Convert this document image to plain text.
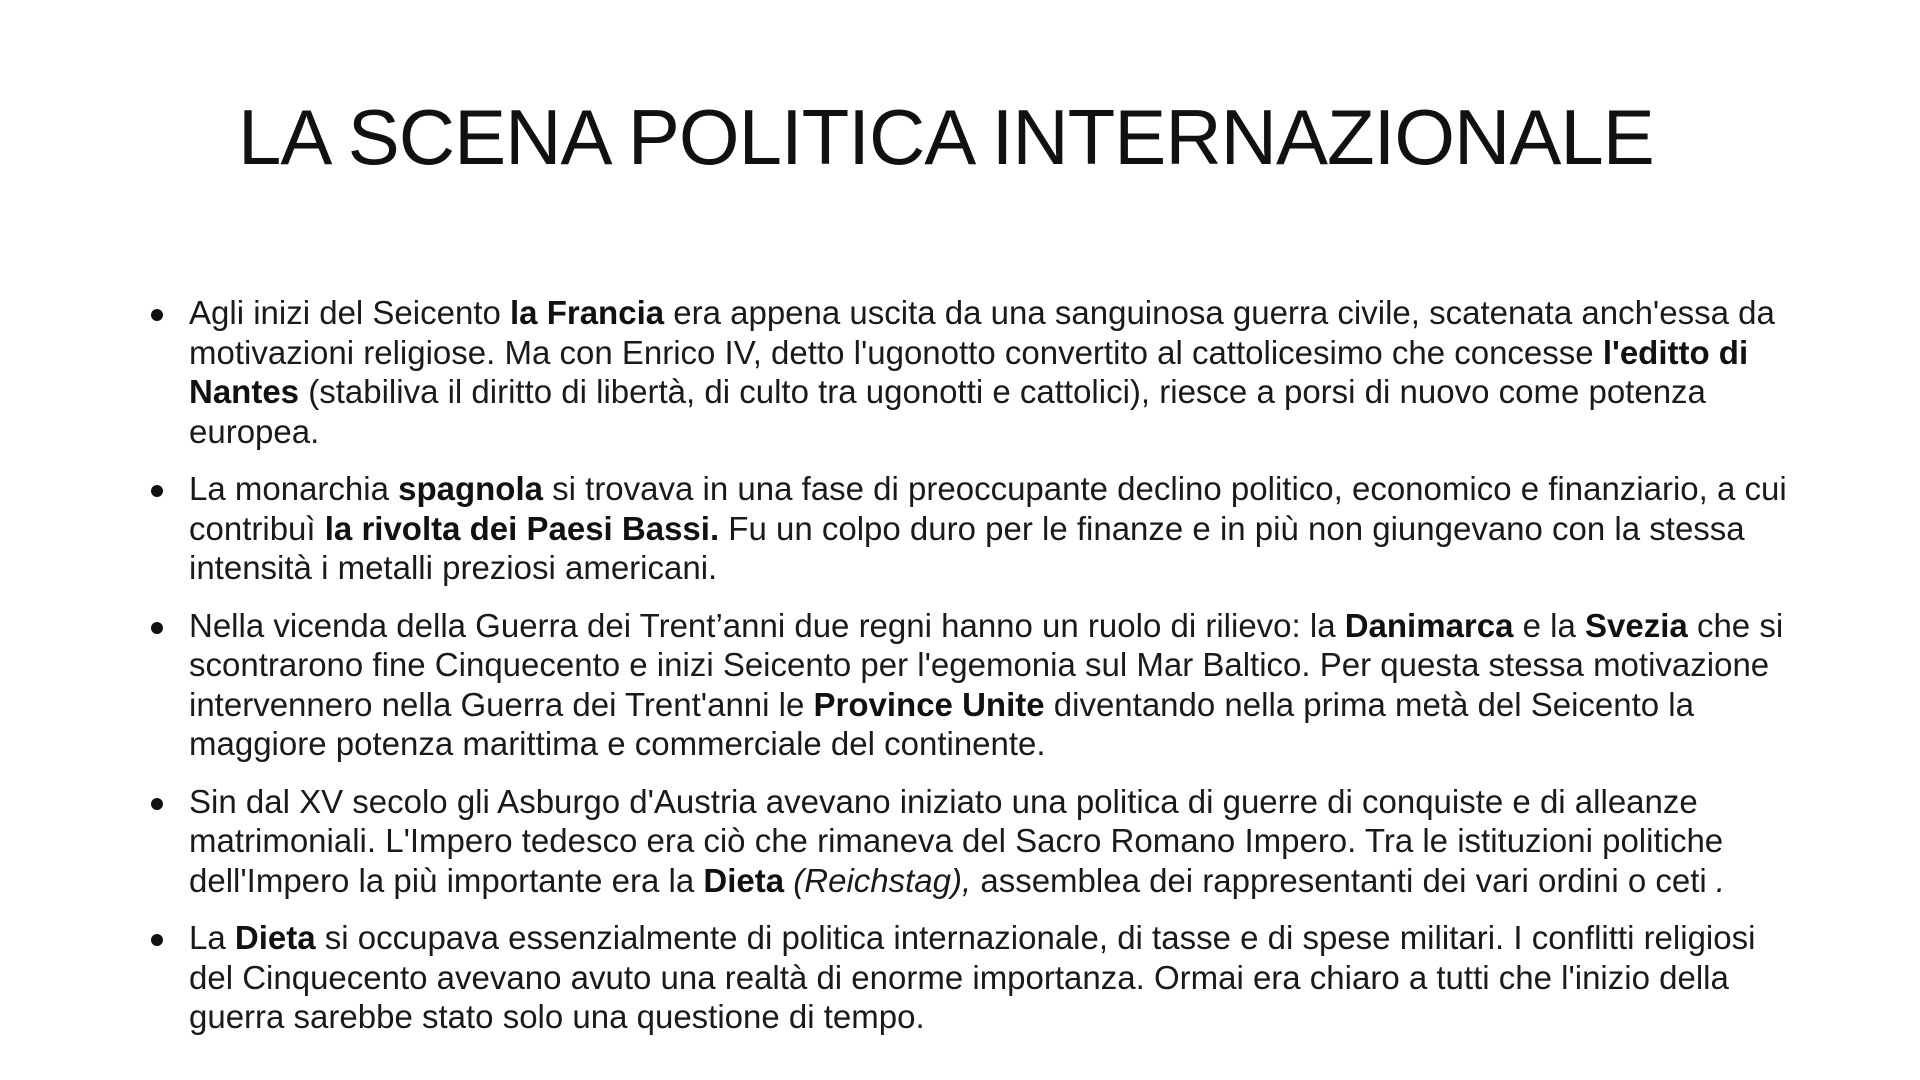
LA SCENA POLITICA INTERNAZIONALE
Agli inizi del Seicento la Francia era appena uscita da una sanguinosa guerra civile, scatenata anch'essa da motivazioni religiose. Ma con Enrico IV, detto l'ugonotto convertito al cattolicesimo che concesse l'editto di Nantes (stabiliva il diritto di libertà, di culto tra ugonotti e cattolici), riesce a porsi di nuovo come potenza europea.
La monarchia spagnola si trovava in una fase di preoccupante declino politico, economico e finanziario, a cui contribuì la rivolta dei Paesi Bassi. Fu un colpo duro per le finanze e in più non giungevano con la stessa intensità i metalli preziosi americani.
Nella vicenda della Guerra dei Trent’anni due regni hanno un ruolo di rilievo: la Danimarca e la Svezia che si scontrarono fine Cinquecento e inizi Seicento per l'egemonia sul Mar Baltico. Per questa stessa motivazione intervennero nella Guerra dei Trent'anni le Province Unite diventando nella prima metà del Seicento la maggiore potenza marittima e commerciale del continente.
Sin dal XV secolo gli Asburgo d'Austria avevano iniziato una politica di guerre di conquiste e di alleanze matrimoniali. L'Impero tedesco era ciò che rimaneva del Sacro Romano Impero. Tra le istituzioni politiche dell'Impero la più importante era la Dieta (Reichstag), assemblea dei rappresentanti dei vari ordini o ceti .
La Dieta si occupava essenzialmente di politica internazionale, di tasse e di spese militari. I conflitti religiosi del Cinquecento avevano avuto una realtà di enorme importanza. Ormai era chiaro a tutti che l'inizio della guerra sarebbe stato solo una questione di tempo.
